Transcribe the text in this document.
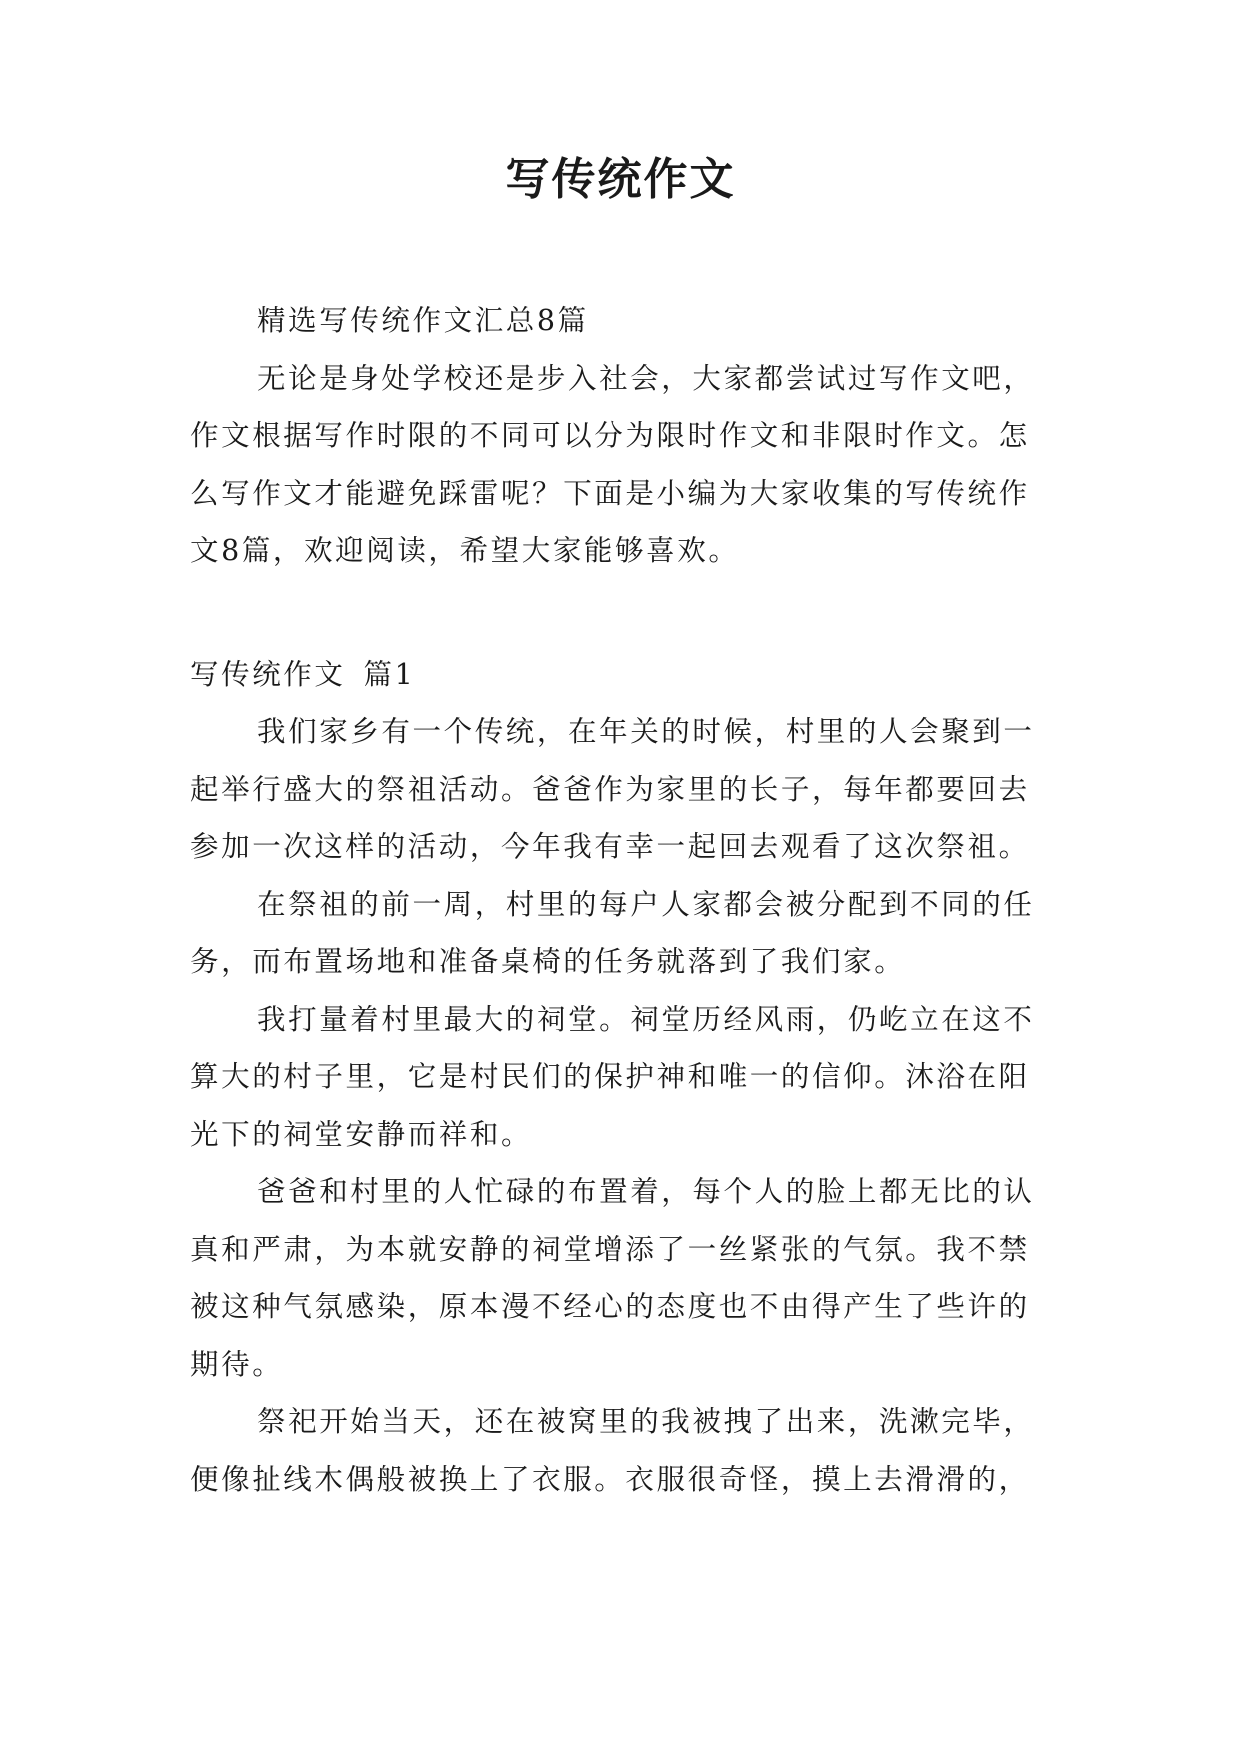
写传统作文

精选写传统作文汇总8篇

无论是身处学校还是步入社会，大家都尝试过写作文吧，作文根据写作时限的不同可以分为限时作文和非限时作文。怎么写作文才能避免踩雷呢？下面是小编为大家收集的写传统作文8篇，欢迎阅读，希望大家能够喜欢。

写传统作文 篇1

我们家乡有一个传统，在年关的时候，村里的人会聚到一起举行盛大的祭祖活动。爸爸作为家里的长子，每年都要回去参加一次这样的活动，今年我有幸一起回去观看了这次祭祖。

在祭祖的前一周，村里的每户人家都会被分配到不同的任务，而布置场地和准备桌椅的任务就落到了我们家。

我打量着村里最大的祠堂。祠堂历经风雨，仍屹立在这不算大的村子里，它是村民们的保护神和唯一的信仰。沐浴在阳光下的祠堂安静而祥和。

爸爸和村里的人忙碌的布置着，每个人的脸上都无比的认真和严肃，为本就安静的祠堂增添了一丝紧张的气氛。我不禁被这种气氛感染，原本漫不经心的态度也不由得产生了些许的期待。

祭祀开始当天，还在被窝里的我被拽了出来，洗漱完毕，便像扯线木偶般被换上了衣服。衣服很奇怪，摸上去滑滑的，
